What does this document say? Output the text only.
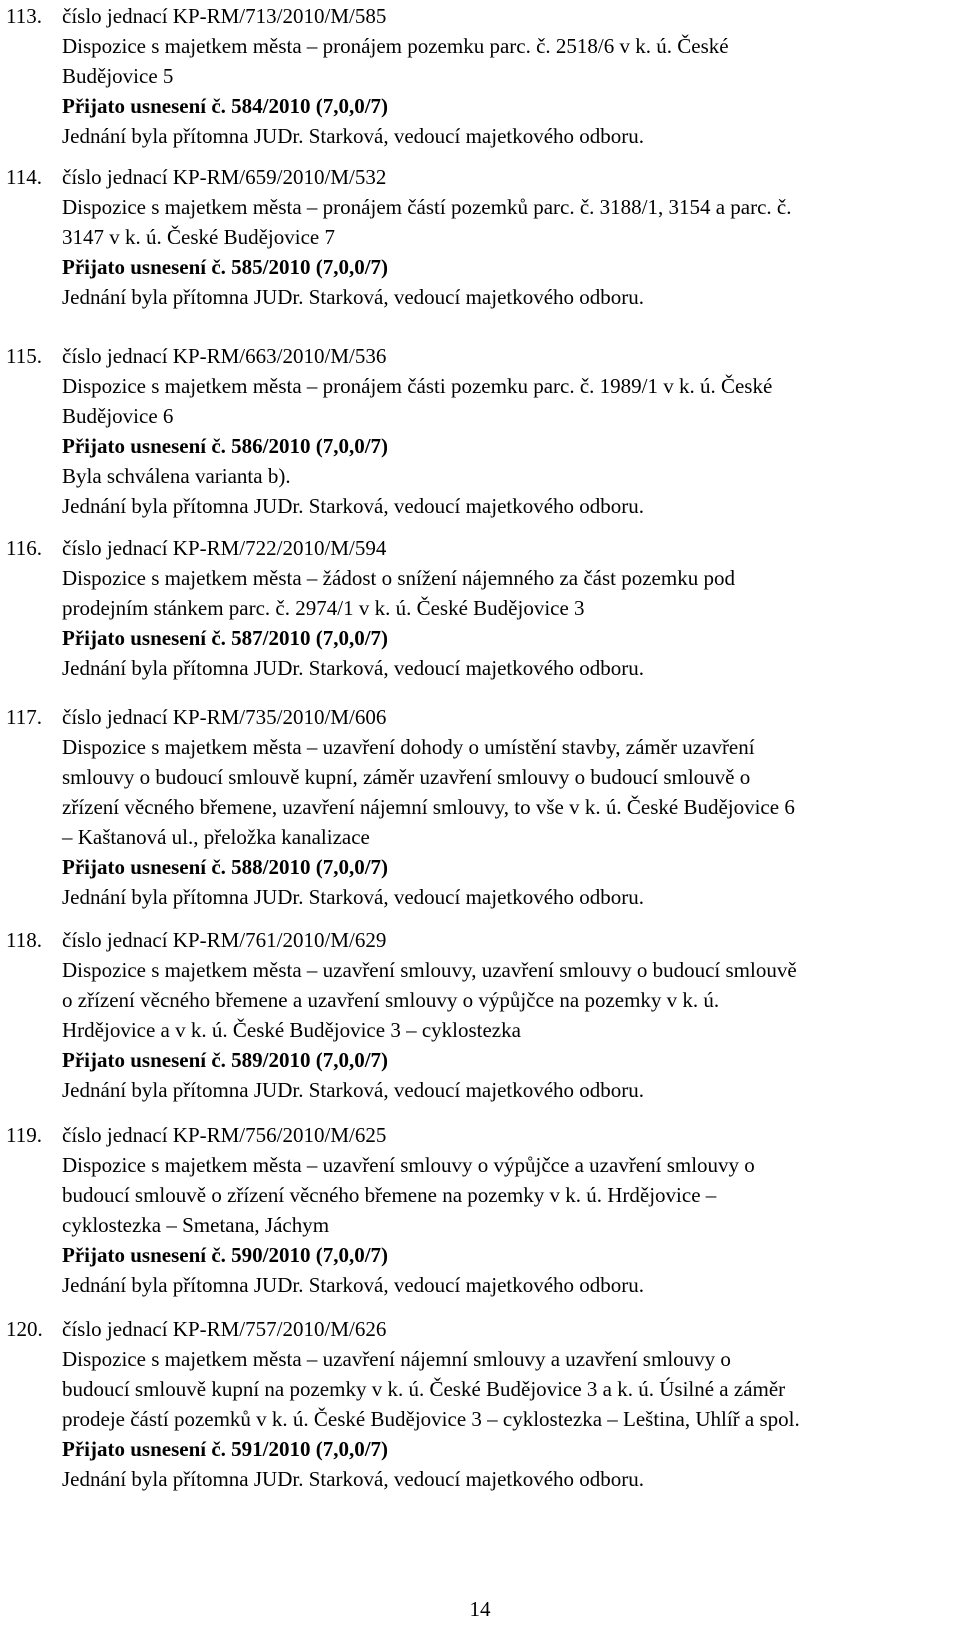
113. číslo jednací KP-RM/713/2010/M/585
Dispozice s majetkem města – pronájem pozemku parc. č. 2518/6 v k. ú. České
Budějovice 5
Přijato usnesení č. 584/2010 (7,0,0/7)
Jednání byla přítomna JUDr. Starková, vedoucí majetkového odboru.
114. číslo jednací KP-RM/659/2010/M/532
Dispozice s majetkem města – pronájem částí pozemků parc. č. 3188/1, 3154 a parc. č.
3147 v k. ú. České Budějovice 7
Přijato usnesení č. 585/2010 (7,0,0/7)
Jednání byla přítomna JUDr. Starková, vedoucí majetkového odboru.
115. číslo jednací KP-RM/663/2010/M/536
Dispozice s majetkem města – pronájem části pozemku parc. č. 1989/1 v k. ú. České
Budějovice 6
Přijato usnesení č. 586/2010 (7,0,0/7)
Byla schválena varianta b).
Jednání byla přítomna JUDr. Starková, vedoucí majetkového odboru.
116. číslo jednací KP-RM/722/2010/M/594
Dispozice s majetkem města – žádost o snížení nájemného za část pozemku pod
prodejním stánkem parc. č. 2974/1 v k. ú. České Budějovice 3
Přijato usnesení č. 587/2010 (7,0,0/7)
Jednání byla přítomna JUDr. Starková, vedoucí majetkového odboru.
117. číslo jednací KP-RM/735/2010/M/606
Dispozice s majetkem města – uzavření dohody o umístění stavby, záměr uzavření
smlouvy o budoucí smlouvě kupní, záměr uzavření smlouvy o budoucí smlouvě o
zřízení věcného břemene, uzavření nájemní smlouvy, to vše v k. ú. České Budějovice 6
– Kaštanová ul., přeložka kanalizace
Přijato usnesení č. 588/2010 (7,0,0/7)
Jednání byla přítomna JUDr. Starková, vedoucí majetkového odboru.
118. číslo jednací KP-RM/761/2010/M/629
Dispozice s majetkem města – uzavření smlouvy, uzavření smlouvy o budoucí smlouvě
o zřízení věcného břemene a uzavření smlouvy o výpůjčce na pozemky v k. ú.
Hrdějovice a v k. ú. České Budějovice 3 – cyklostezka
Přijato usnesení č. 589/2010 (7,0,0/7)
Jednání byla přítomna JUDr. Starková, vedoucí majetkového odboru.
119. číslo jednací KP-RM/756/2010/M/625
Dispozice s majetkem města – uzavření smlouvy o výpůjčce a uzavření smlouvy o
budoucí smlouvě o zřízení věcného břemene na pozemky v k. ú. Hrdějovice –
cyklostezka – Smetana, Jáchym
Přijato usnesení č. 590/2010 (7,0,0/7)
Jednání byla přítomna JUDr. Starková, vedoucí majetkového odboru.
120. číslo jednací KP-RM/757/2010/M/626
Dispozice s majetkem města – uzavření nájemní smlouvy a uzavření smlouvy o
budoucí smlouvě kupní na pozemky v k. ú. České Budějovice 3 a k. ú. Úsilné a záměr
prodeje částí pozemků v k. ú. České Budějovice 3 – cyklostezka – Leština, Uhlíř a spol.
Přijato usnesení č. 591/2010 (7,0,0/7)
Jednání byla přítomna JUDr. Starková, vedoucí majetkového odboru.
14
